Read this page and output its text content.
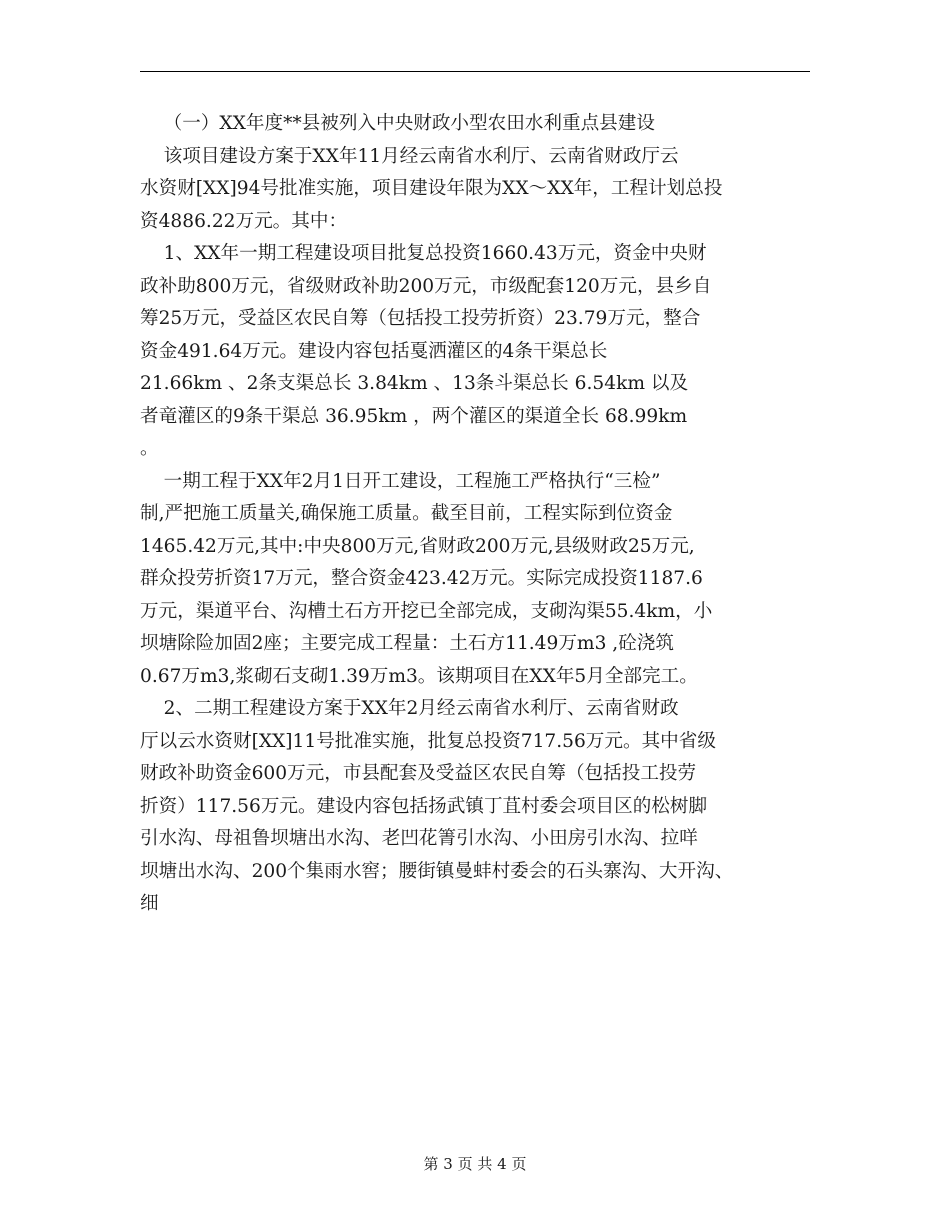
（一）XX年度**县被列入中央财政小型农田水利重点县建设
该项目建设方案于XX年11月经云南省水利厅、云南省财政厅云
水资财[XX]94号批准实施，项目建设年限为XX～XX年，工程计划总投
资4886.22万元。其中：
1、XX年一期工程建设项目批复总投资1660.43万元，资金中央财
政补助800万元，省级财政补助200万元，市级配套120万元，县乡自
筹25万元，受益区农民自筹（包括投工投劳折资）23.79万元，整合
资金491.64万元。建设内容包括戛洒灌区的4条干渠总长
21.66km 、2条支渠总长 3.84km 、13条斗渠总长 6.54km 以及
者竜灌区的9条干渠总 36.95km ，两个灌区的渠道全长 68.99km
。
一期工程于XX年2月1日开工建设，工程施工严格执行“三检”
制,严把施工质量关,确保施工质量。截至目前，工程实际到位资金
1465.42万元,其中:中央800万元,省财政200万元,县级财政25万元,
群众投劳折资17万元，整合资金423.42万元。实际完成投资1187.6
万元，渠道平台、沟槽土石方开挖已全部完成，支砌沟渠55.4km，小
坝塘除险加固2座；主要完成工程量：土石方11.49万m3 ,砼浇筑
0.67万m3,浆砌石支砌1.39万m3。该期项目在XX年5月全部完工。
2、二期工程建设方案于XX年2月经云南省水利厅、云南省财政
厅以云水资财[XX]11号批准实施，批复总投资717.56万元。其中省级
财政补助资金600万元，市县配套及受益区农民自筹（包括投工投劳
折资）117.56万元。建设内容包括扬武镇丁苴村委会项目区的松树脚
引水沟、母祖鲁坝塘出水沟、老凹花箐引水沟、小田房引水沟、拉咩
坝塘出水沟、200个集雨水窖；腰街镇曼蚌村委会的石头寨沟、大开沟、
细
第 3 页 共 4 页
